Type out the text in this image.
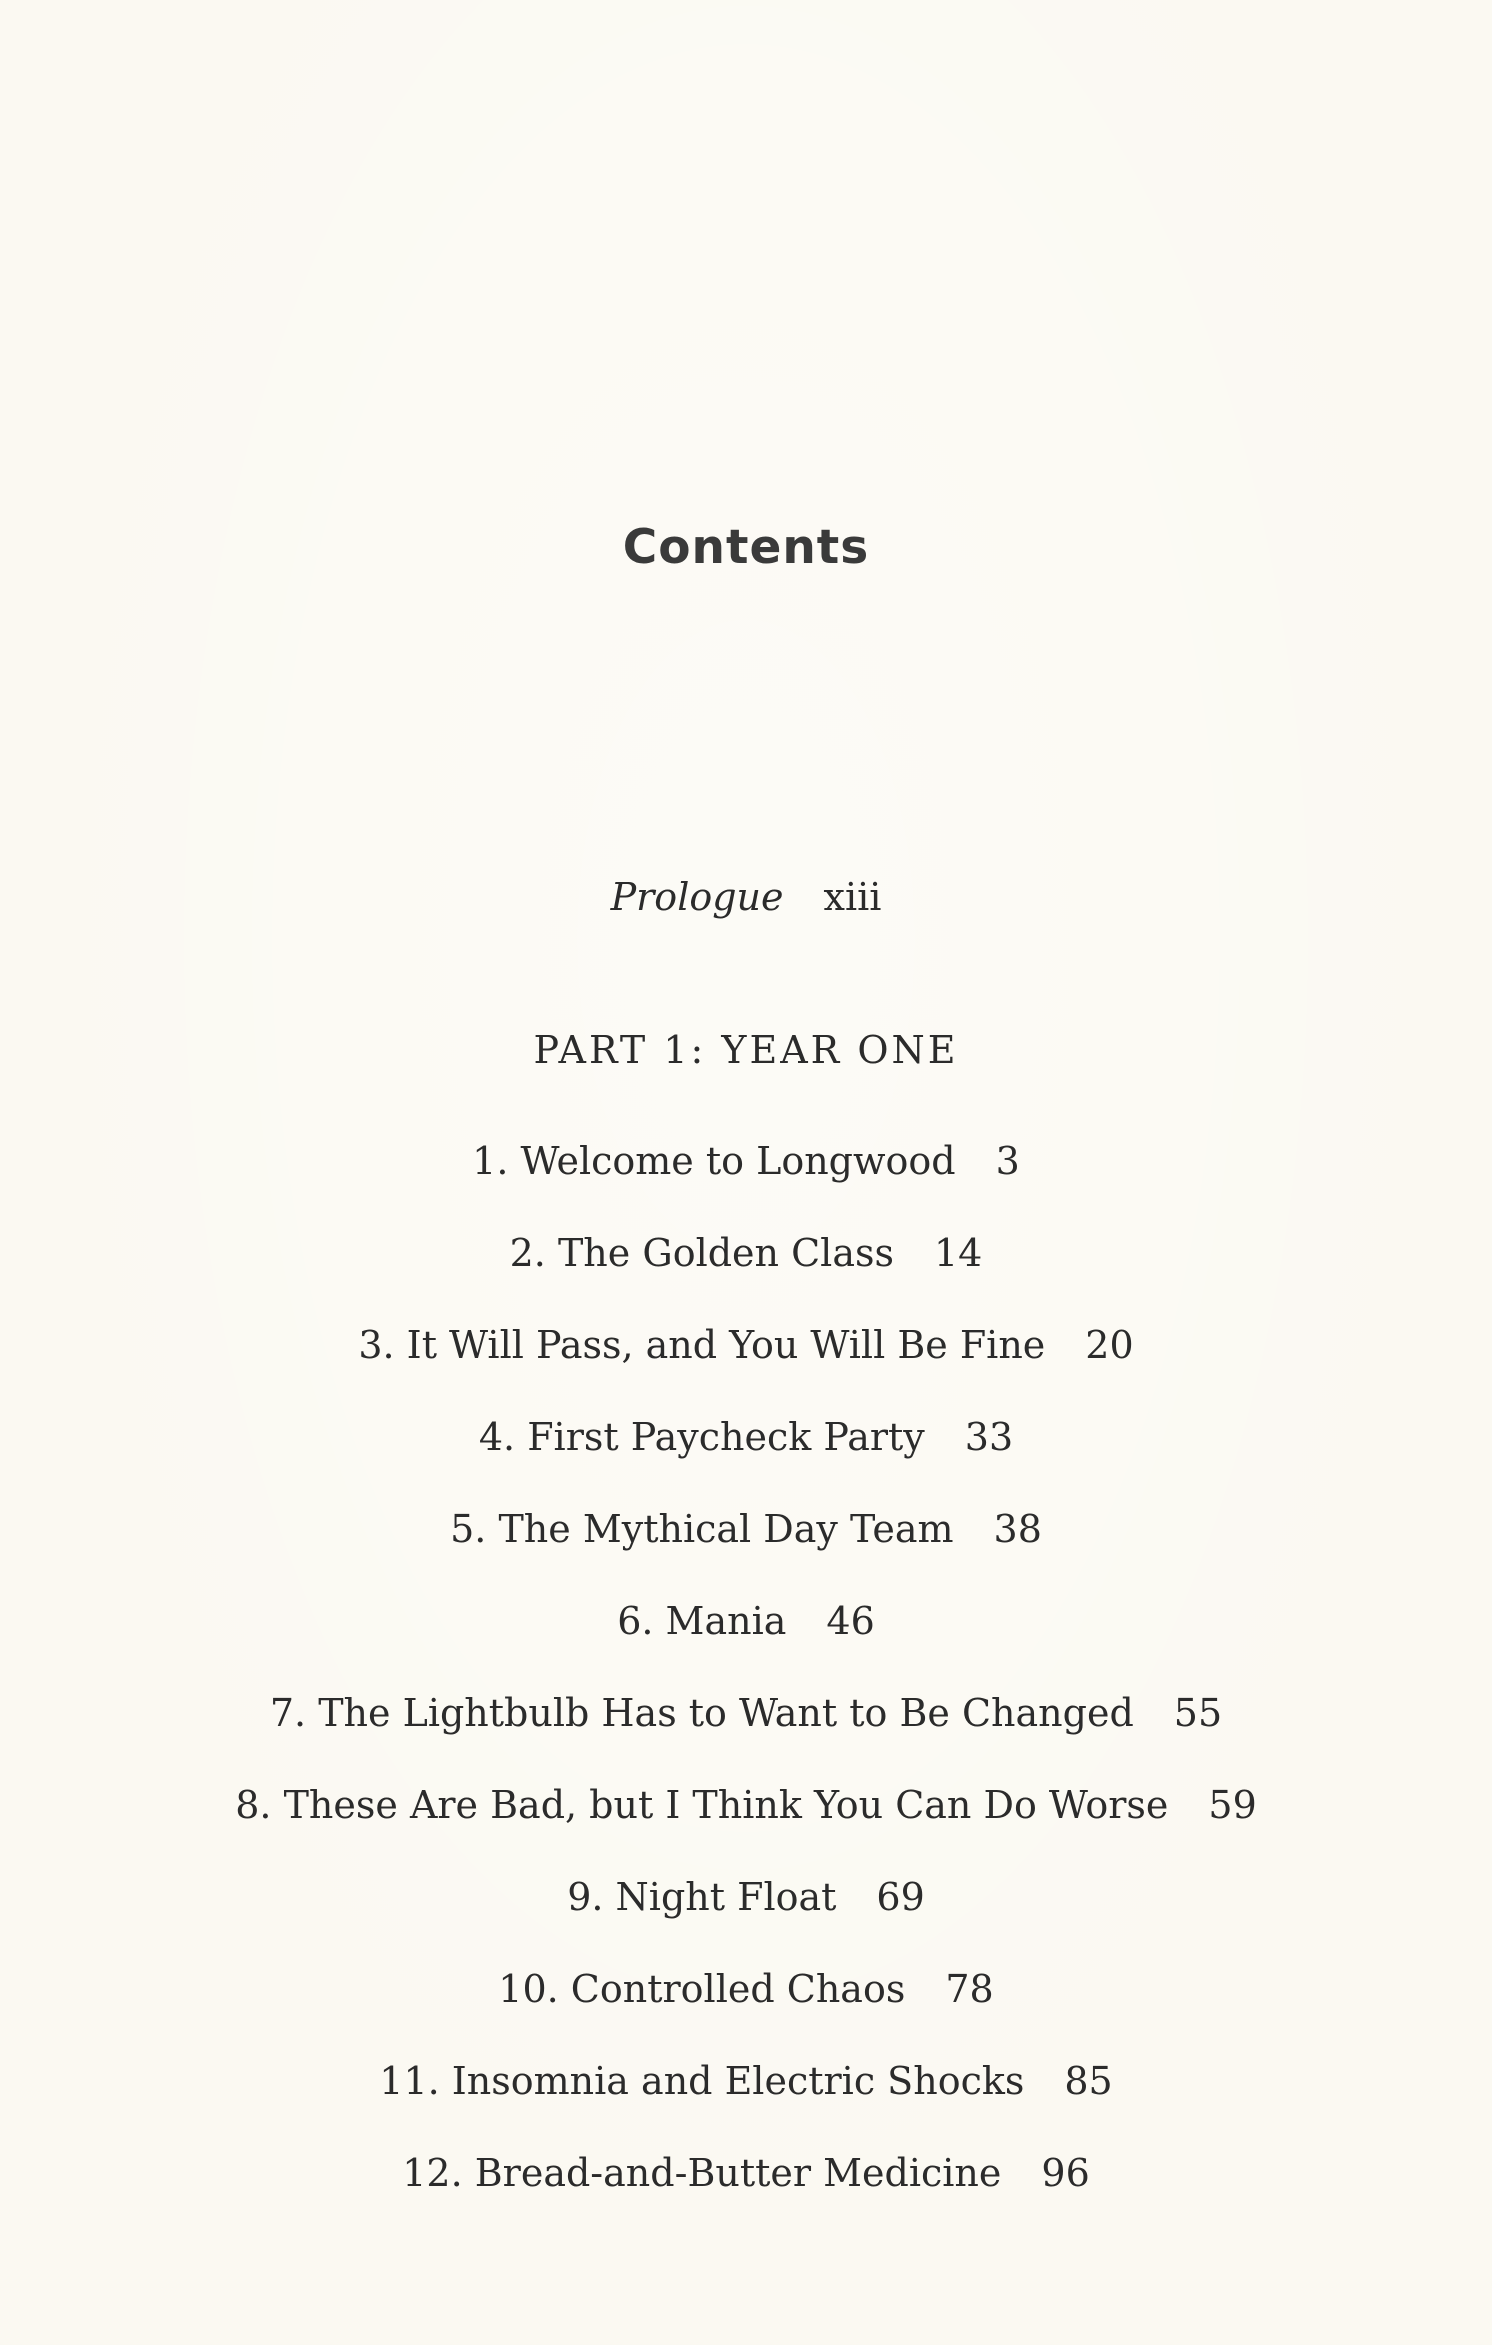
Contents
Prologue xiii
PART 1: YEAR ONE
1. Welcome to Longwood 3
2. The Golden Class 14
3. It Will Pass, and You Will Be Fine 20
4. First Paycheck Party 33
5. The Mythical Day Team 38
6. Mania 46
7. The Lightbulb Has to Want to Be Changed 55
8. These Are Bad, but I Think You Can Do Worse 59
9. Night Float 69
10. Controlled Chaos 78
11. Insomnia and Electric Shocks 85
12. Bread-and-Butter Medicine 96
